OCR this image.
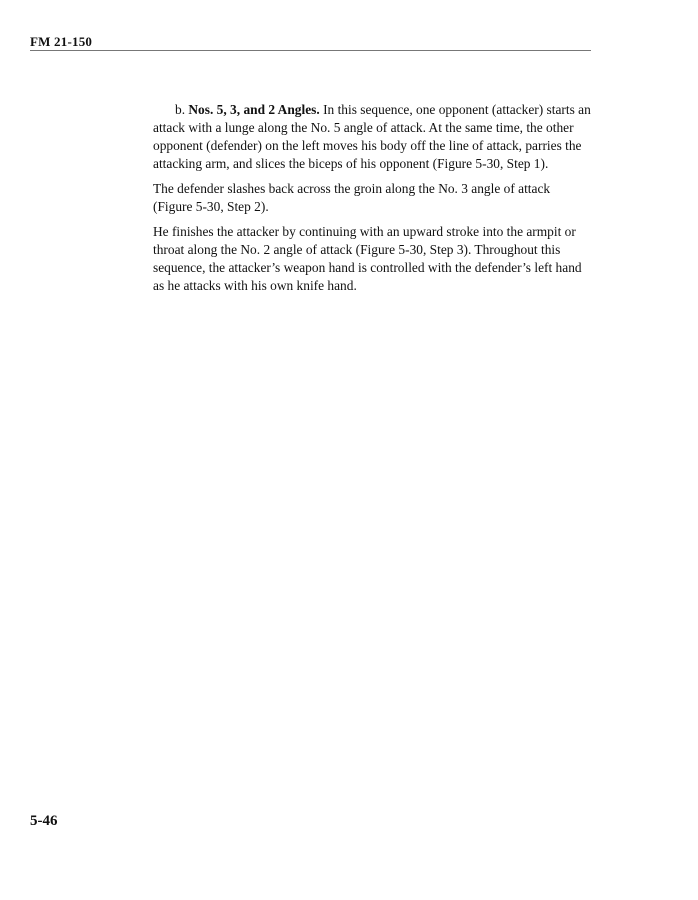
FM 21-150

b. Nos. 5, 3, and 2 Angles. In this sequence, one opponent (attacker) starts an attack with a lunge along the No. 5 angle of attack. At the same time, the other opponent (defender) on the left moves his body off the line of attack, parries the attacking arm, and slices the biceps of his opponent (Figure 5-30, Step 1).

The defender slashes back across the groin along the No. 3 angle of attack (Figure 5-30, Step 2).

He finishes the attacker by continuing with an upward stroke into the armpit or throat along the No. 2 angle of attack (Figure 5-30, Step 3). Throughout this sequence, the attacker’s weapon hand is controlled with the defender’s left hand as he attacks with his own knife hand.

5-46
